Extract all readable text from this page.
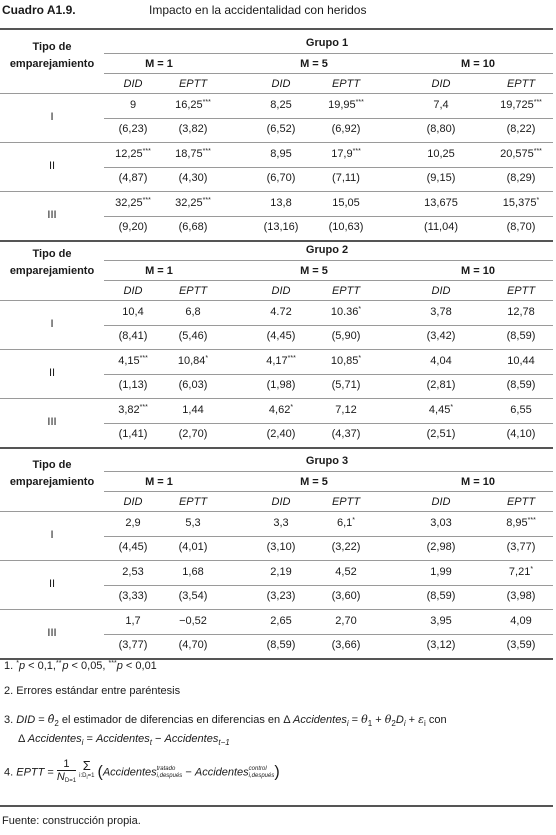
Cuadro A1.9.	Impacto en la accidentalidad con heridos
Tipo de
emparejamiento
Grupo 1
M = 1	M = 5	M = 10
DID	EPTT	DID	EPTT	DID	EPTT
I
9	16,25***	8,25	19,95***	7,4	19,725***
(6,23)	(3,82)	(6,52)	(6,92)	(8,80)	(8,22)
II
12,25*** 18,75***	8,95	17,9***	10,25	20,575***
(4,87)	(4,30)	(6,70)	(7,11)	(9,15)	(8,29)
III
32,25*** 32,25***	13,8	15,05	13,675	15,375*
(9,20)	(6,68)	(13,16)	(10,63)	(11,04)	(8,70)
Tipo de
emparejamiento
Grupo 2
M = 1	M = 5	M = 10
DID	EPTT	DID	EPTT	DID	EPTT
I
10,4	6,8	4.72	10.36*	3,78	12,78
(8,41)	(5,46)	(4,45)	(5,90)	(3,42)	(8,59)
II
4,15***	10,84*	4,17***	10,85*	4,04	10,44
(1,13)	(6,03)	(1,98)	(5,71)	(2,81)	(8,59)
III
3,82***	1,44	4,62*	7,12	4,45*	6,55
(1,41)	(2,70)	(2,40)	(4,37)	(2,51)	(4,10)
Tipo de
emparejamiento
Grupo 3
M = 1	M = 5	M = 10
DID	EPTT	DID	EPTT	DID	EPTT
I
2,9	5,3	3,3	6,1*	3,03	8,95***
(4,45)	(4,01)	(3,10)	(3,22)	(2,98)	(3,77)
II
2,53	1,68	2,19	4,52	1,99	7,21*
(3,33)	(3,54)	(3,23)	(3,60)	(8,59)	(3,98)
III
1,7	−0,52	2,65	2,70	3,95	4,09
(3,77)	(4,70)	(8,59)	(3,66)	(3,12)	(3,59)
1. *p < 0,1,** p < 0,05, ***p < 0,01
2. Errores estándar entre paréntesis
3. DID = $\thetâ_2$ el estimador de diferencias en diferencias en Δ Accidentes$_i$ = $\theta_1 + \theta_2D_i + \varepsilon_i$ con
Δ Accidentes$_i$ = Accidentes$_t$ − Accidentes$_{t-1}$
4. EPTT = $\frac{1}{ND=1}$
Σ
$i:D_i=1$ (Accidentes tratado
i,después − Accidentes control
i,después )
Fuente: construcción propia.
